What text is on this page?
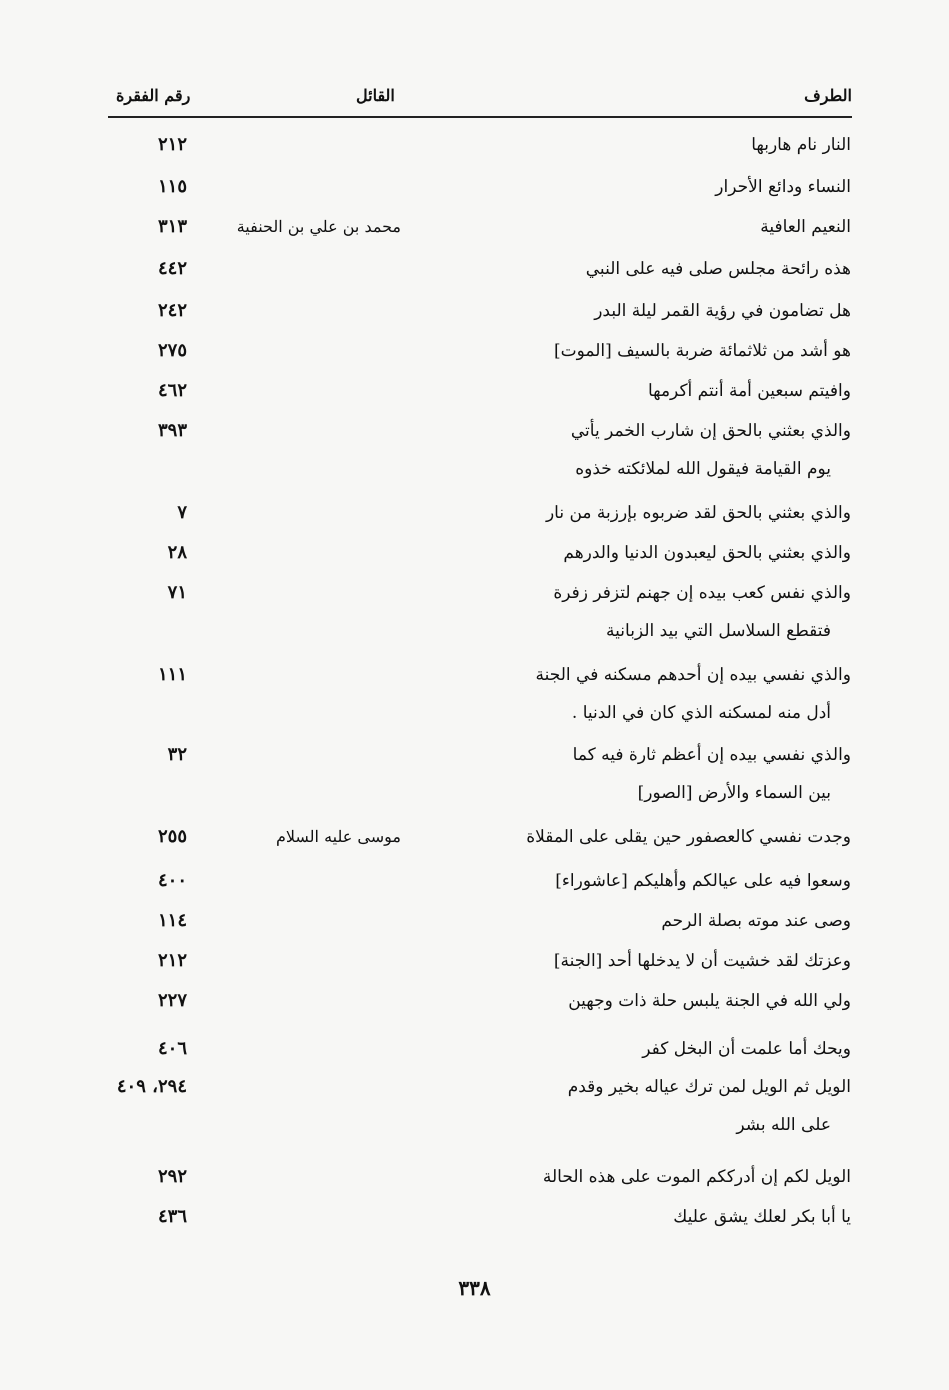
الطرف
القائل
رقم الفقرة
النار نام هاربها
٢١٢
النساء ودائع الأحرار
١١٥
النعيم العافية
محمد بن علي بن الحنفية
٣١٣
هذه رائحة مجلس صلى فيه على النبي
٤٤٢
هل تضامون في رؤية القمر ليلة البدر
٢٤٢
هو أشد من ثلاثمائة ضربة بالسيف [الموت]
٢٧٥
وافيتم سبعين أمة أنتم أكرمها
٤٦٢
والذي بعثني بالحق إن شارب الخمر يأتي
يوم القيامة فيقول الله لملائكته خذوه
٣٩٣
والذي بعثني بالحق لقد ضربوه بإرزبة من نار
٧
والذي بعثني بالحق ليعبدون الدنيا والدرهم
٢٨
والذي نفس كعب بيده إن جهنم لتزفر زفرة
فتقطع السلاسل التي بيد الزبانية
٧١
والذي نفسي بيده إن أحدهم مسكنه في الجنة
أدل منه لمسكنه الذي كان في الدنيا .
١١١
والذي نفسي بيده إن أعظم ثارة فيه كما
بين السماء والأرض [الصور]
٣٢
وجدت نفسي كالعصفور حين يقلى على المقلاة
موسى عليه السلام
٢٥٥
وسعوا فيه على عيالكم وأهليكم [عاشوراء]
٤٠٠
وصى عند موته بصلة الرحم
١١٤
وعزتك لقد خشيت أن لا يدخلها أحد [الجنة]
٢١٢
ولي الله في الجنة يلبس حلة ذات وجهين
٢٢٧
ويحك أما علمت أن البخل كفر
٤٠٦
الويل ثم الويل لمن ترك عياله بخير وقدم
على الله بشر
٢٩٤، ٤٠٩
الويل لكم إن أدرككم الموت على هذه الحالة
٢٩٢
يا أبا بكر لعلك يشق عليك
٤٣٦
٣٣٨
